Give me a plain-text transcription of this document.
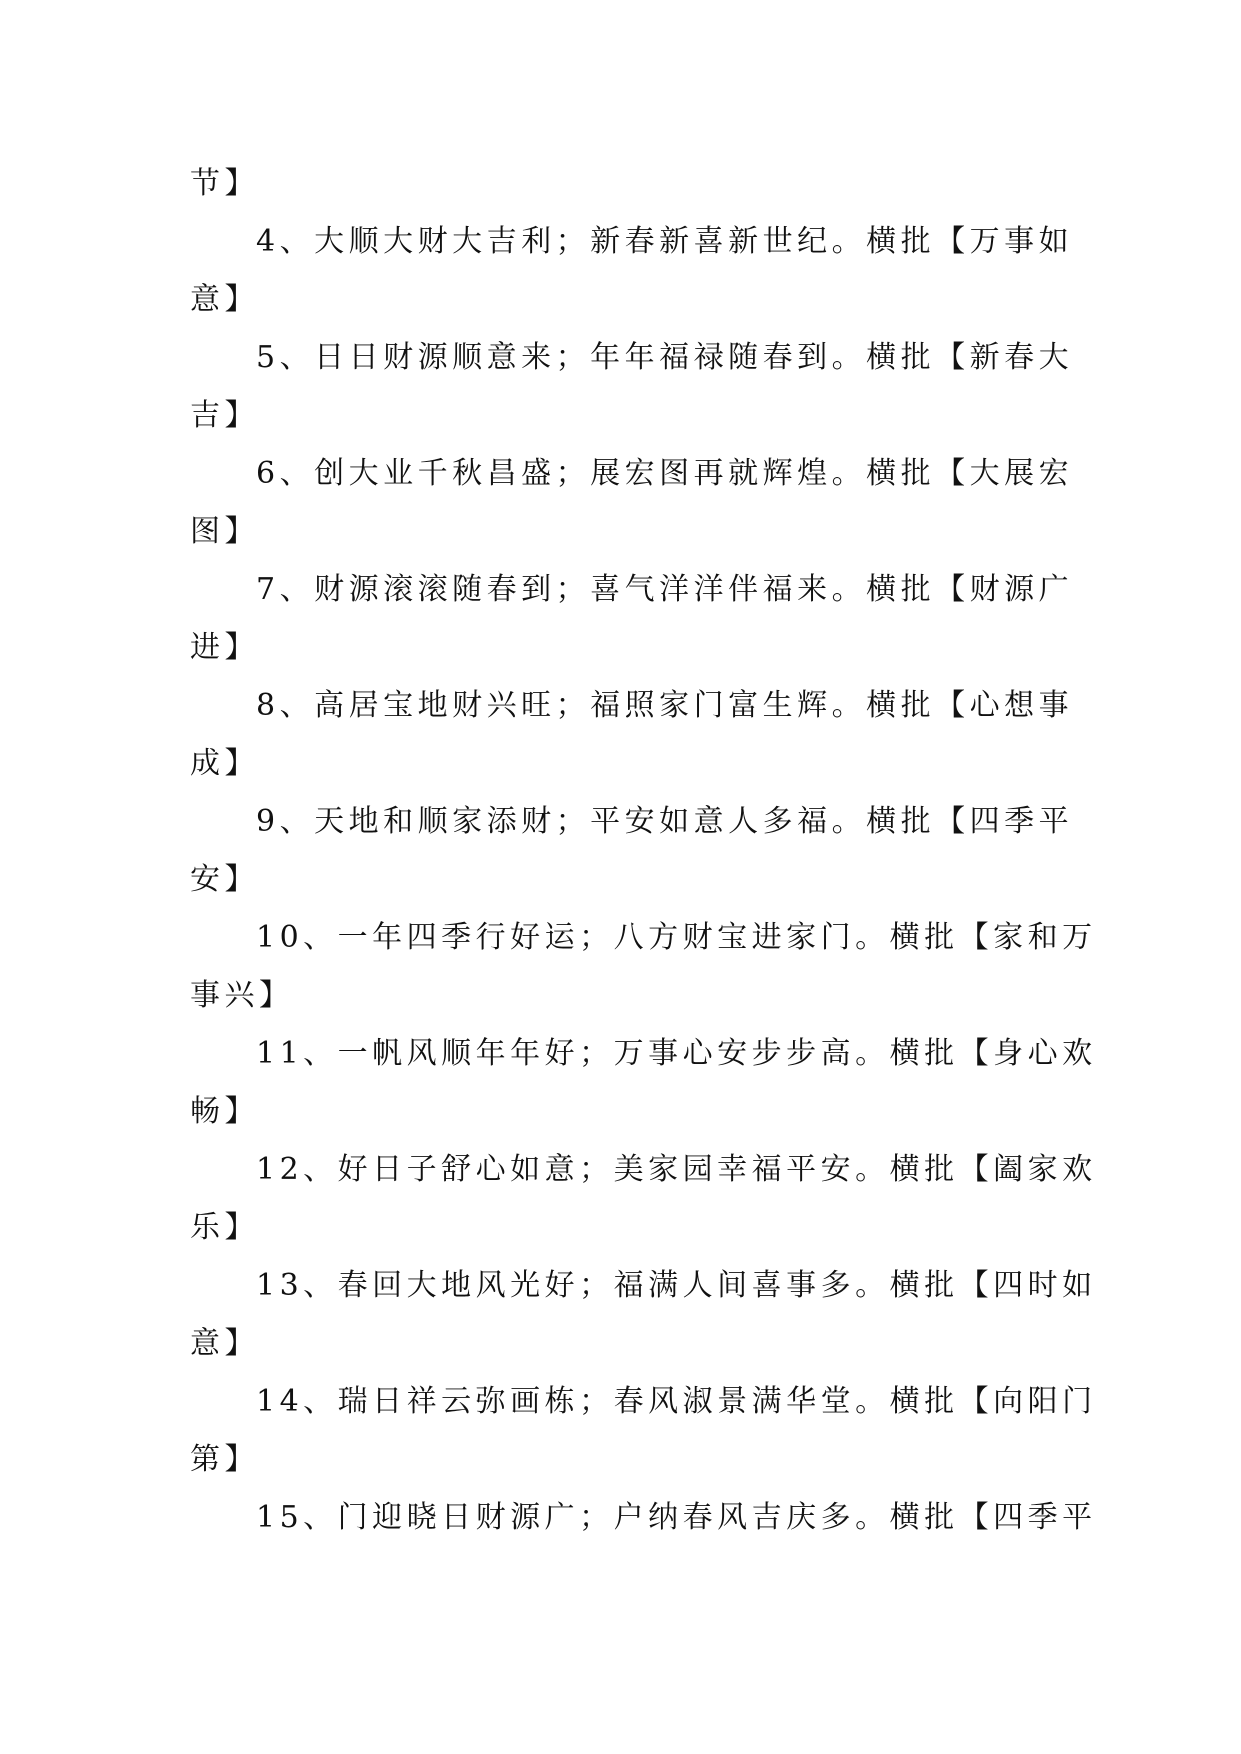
节】

4、大顺大财大吉利；新春新喜新世纪。横批【万事如

意】

5、日日财源顺意来；年年福禄随春到。横批【新春大

吉】

6、创大业千秋昌盛；展宏图再就辉煌。横批【大展宏

图】

7、财源滚滚随春到；喜气洋洋伴福来。横批【财源广

进】

8、高居宝地财兴旺；福照家门富生辉。横批【心想事

成】

9、天地和顺家添财；平安如意人多福。横批【四季平

安】

10、一年四季行好运；八方财宝进家门。横批【家和万

事兴】

11、一帆风顺年年好；万事心安步步高。横批【身心欢

畅】

12、好日子舒心如意；美家园幸福平安。横批【阖家欢

乐】

13、春回大地风光好；福满人间喜事多。横批【四时如

意】

14、瑞日祥云弥画栋；春风淑景满华堂。横批【向阳门

第】

15、门迎晓日财源广；户纳春风吉庆多。横批【四季平
